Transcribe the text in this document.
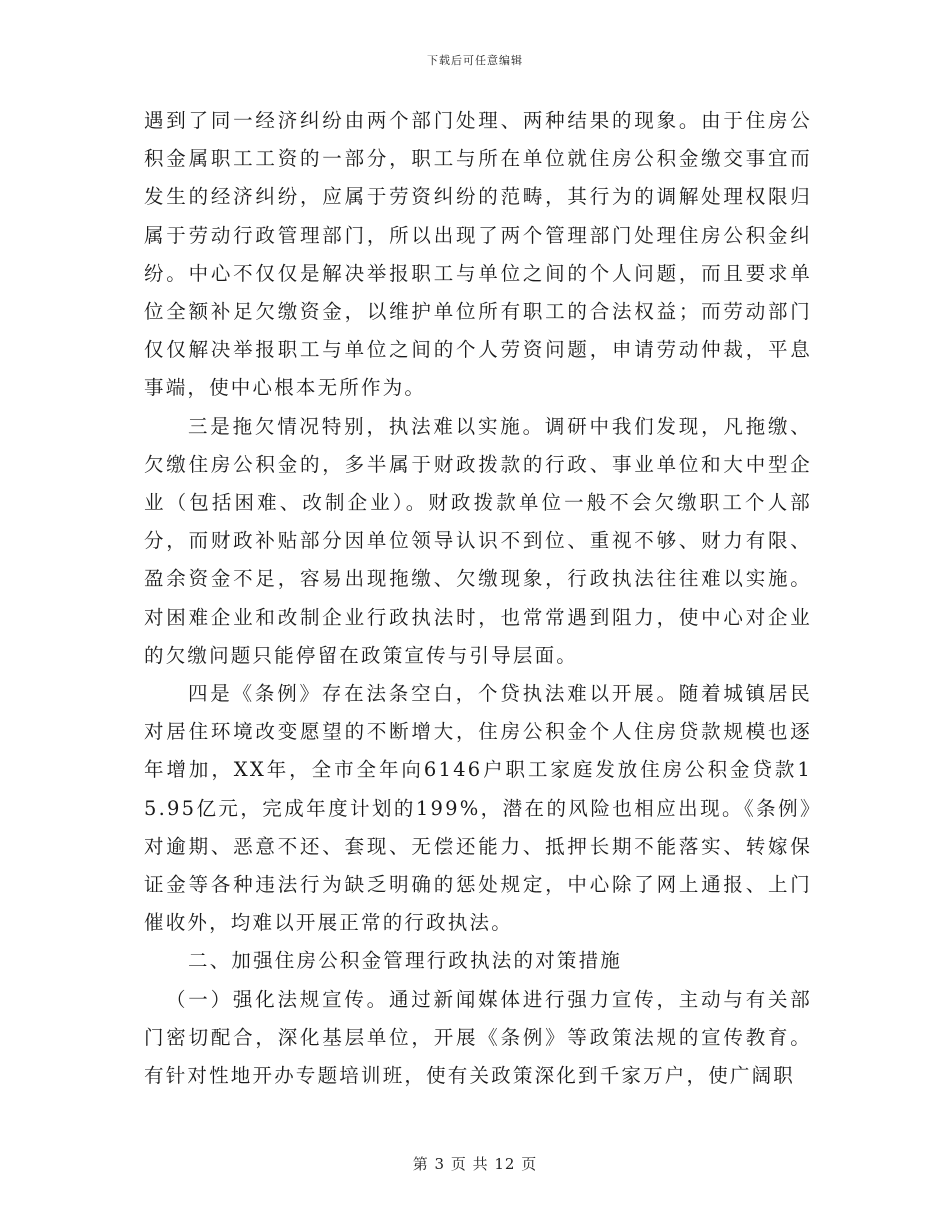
下载后可任意编辑

遇到了同一经济纠纷由两个部门处理、两种结果的现象。由于住房公积金属职工工资的一部分，职工与所在单位就住房公积金缴交事宜而发生的经济纠纷，应属于劳资纠纷的范畴，其行为的调解处理权限归属于劳动行政管理部门，所以出现了两个管理部门处理住房公积金纠纷。中心不仅仅是解决举报职工与单位之间的个人问题，而且要求单位全额补足欠缴资金，以维护单位所有职工的合法权益；而劳动部门仅仅解决举报职工与单位之间的个人劳资问题，申请劳动仲裁，平息事端，使中心根本无所作为。

三是拖欠情况特别，执法难以实施。调研中我们发现，凡拖缴、欠缴住房公积金的，多半属于财政拨款的行政、事业单位和大中型企业（包括困难、改制企业）。财政拨款单位一般不会欠缴职工个人部分，而财政补贴部分因单位领导认识不到位、重视不够、财力有限、盈余资金不足，容易出现拖缴、欠缴现象，行政执法往往难以实施。对困难企业和改制企业行政执法时，也常常遇到阻力，使中心对企业的欠缴问题只能停留在政策宣传与引导层面。

四是《条例》存在法条空白，个贷执法难以开展。随着城镇居民对居住环境改变愿望的不断增大，住房公积金个人住房贷款规模也逐年增加，XX年，全市全年向6146户职工家庭发放住房公积金贷款15.95亿元，完成年度计划的199%，潜在的风险也相应出现。《条例》对逾期、恶意不还、套现、无偿还能力、抵押长期不能落实、转嫁保证金等各种违法行为缺乏明确的惩处规定，中心除了网上通报、上门催收外，均难以开展正常的行政执法。

二、加强住房公积金管理行政执法的对策措施

（一）强化法规宣传。通过新闻媒体进行强力宣传，主动与有关部门密切配合，深化基层单位，开展《条例》等政策法规的宣传教育。有针对性地开办专题培训班，使有关政策深化到千家万户，使广阔职

第 3 页 共 12 页
